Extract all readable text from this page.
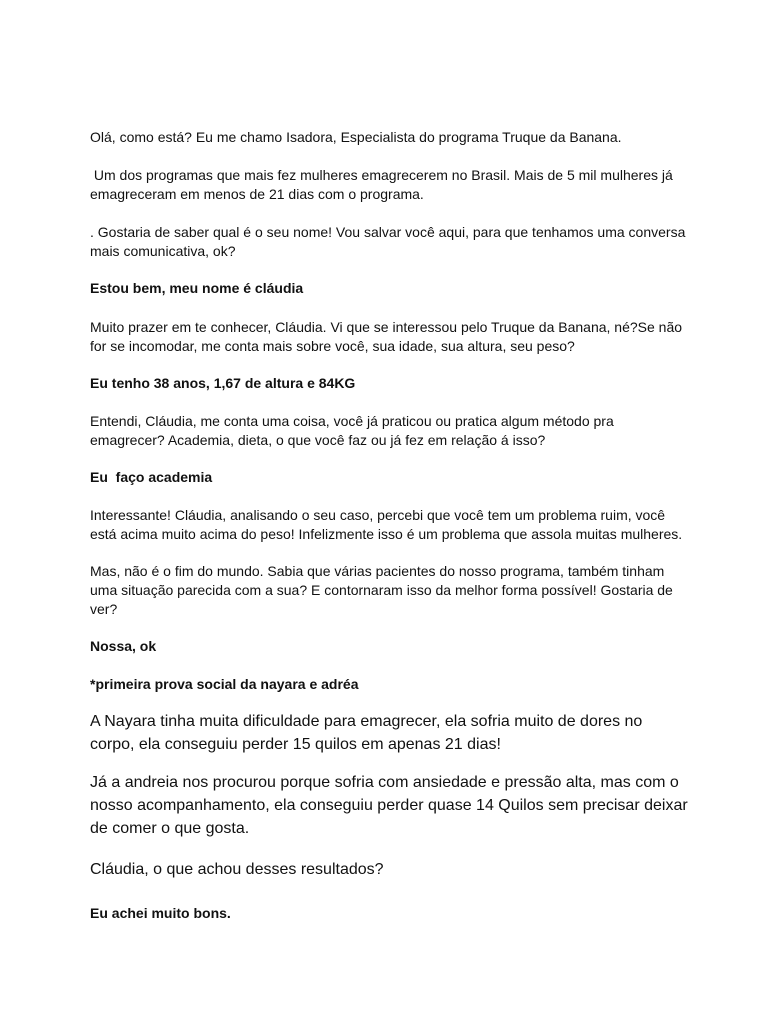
Olá, como está? Eu me chamo Isadora, Especialista do programa Truque da Banana.

Um dos programas que mais fez mulheres emagrecerem no Brasil. Mais de 5 mil mulheres já emagreceram em menos de 21 dias com o programa.

. Gostaria de saber qual é o seu nome! Vou salvar você aqui, para que tenhamos uma conversa mais comunicativa, ok?

Estou bem, meu nome é cláudia

Muito prazer em te conhecer, Cláudia. Vi que se interessou pelo Truque da Banana, né?Se não for se incomodar, me conta mais sobre você, sua idade, sua altura, seu peso?

Eu tenho 38 anos, 1,67 de altura e 84KG

Entendi, Cláudia, me conta uma coisa, você já praticou ou pratica algum método pra emagrecer? Academia, dieta, o que você faz ou já fez em relação á isso?

Eu  faço academia

Interessante! Cláudia, analisando o seu caso, percebi que você tem um problema ruim, você está acima muito acima do peso! Infelizmente isso é um problema que assola muitas mulheres.

Mas, não é o fim do mundo. Sabia que várias pacientes do nosso programa, também tinham uma situação parecida com a sua? E contornaram isso da melhor forma possível! Gostaria de ver?

Nossa, ok

*primeira prova social da nayara e adréa

A Nayara tinha muita dificuldade para emagrecer, ela sofria muito de dores no corpo, ela conseguiu perder 15 quilos em apenas 21 dias!

Já a andreia nos procurou porque sofria com ansiedade e pressão alta, mas com o nosso acompanhamento, ela conseguiu perder quase 14 Quilos sem precisar deixar de comer o que gosta.

Cláudia, o que achou desses resultados?

Eu achei muito bons.
